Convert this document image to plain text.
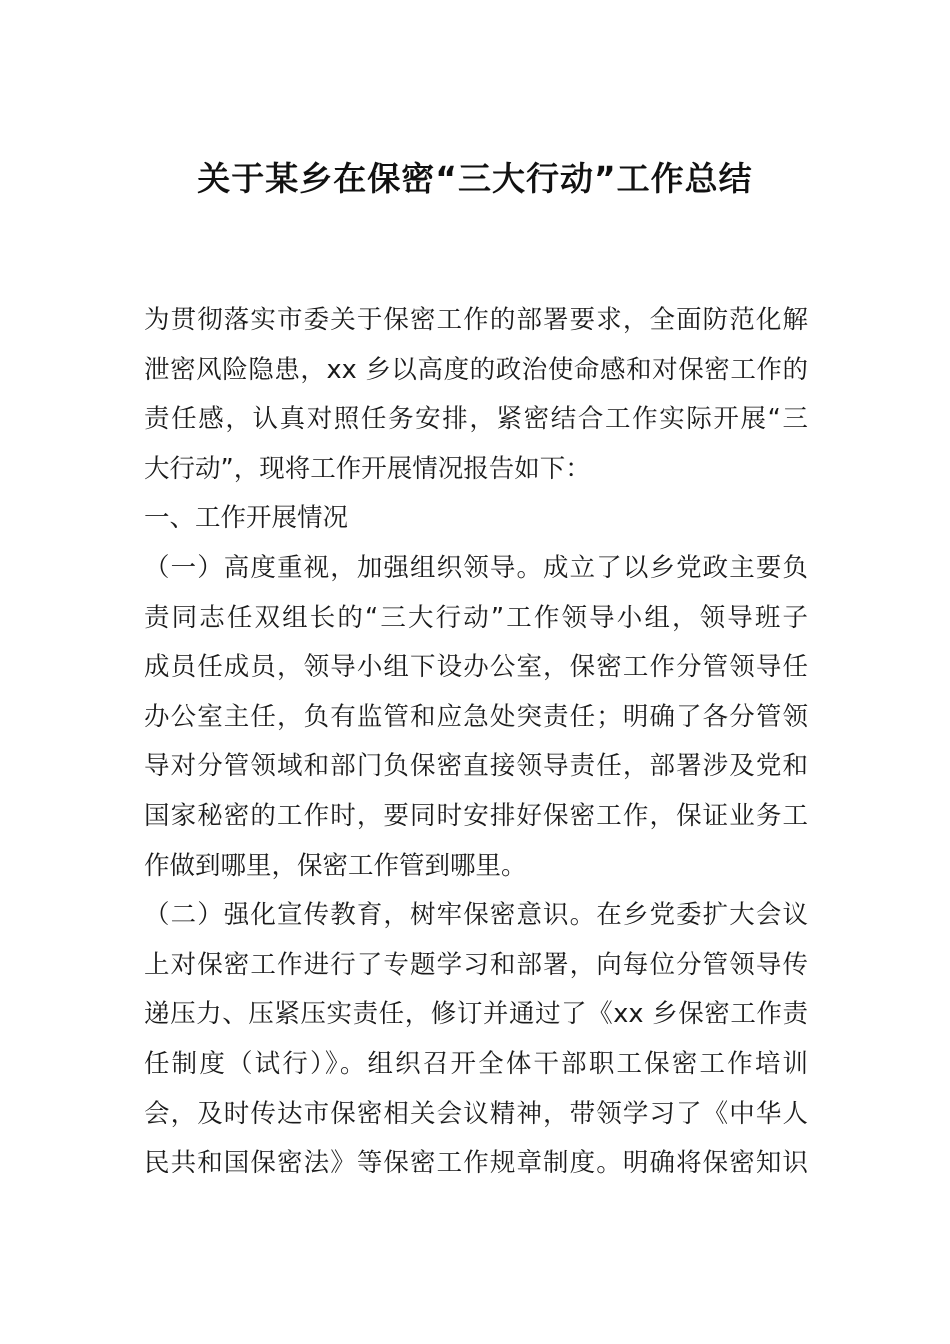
关于某乡在保密“三大行动”工作总结
为贯彻落实市委关于保密工作的部署要求，全面防范化解
泄密风险隐患，xx 乡以高度的政治使命感和对保密工作的
责任感，认真对照任务安排，紧密结合工作实际开展“三
大行动”，现将工作开展情况报告如下：
一、工作开展情况
（一）高度重视，加强组织领导。成立了以乡党政主要负
责同志任双组长的“三大行动”工作领导小组，领导班子
成员任成员，领导小组下设办公室，保密工作分管领导任
办公室主任，负有监管和应急处突责任；明确了各分管领
导对分管领域和部门负保密直接领导责任，部署涉及党和
国家秘密的工作时，要同时安排好保密工作，保证业务工
作做到哪里，保密工作管到哪里。
（二）强化宣传教育，树牢保密意识。在乡党委扩大会议
上对保密工作进行了专题学习和部署，向每位分管领导传
递压力、压紧压实责任，修订并通过了《xx 乡保密工作责
任制度（试行）》。组织召开全体干部职工保密工作培训
会，及时传达市保密相关会议精神，带领学习了《中华人
民共和国保密法》等保密工作规章制度。明确将保密知识
